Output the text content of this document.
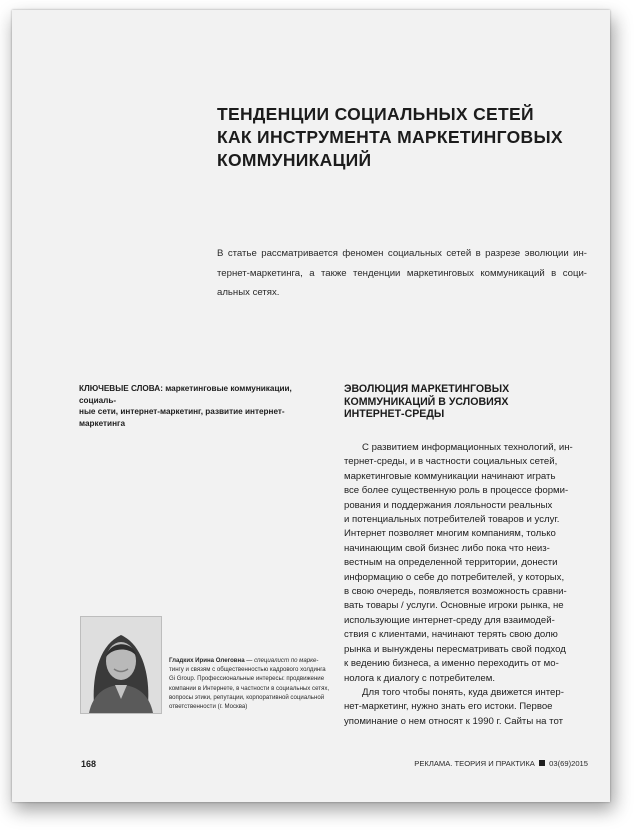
ТЕНДЕНЦИИ СОЦИАЛЬНЫХ СЕТЕЙ
КАК ИНСТРУМЕНТА МАРКЕТИНГОВЫХ
КОММУНИКАЦИЙ
В статье рассматривается феномен социальных сетей в разрезе эволюции ин-
тернет-маркетинга, а также тенденции маркетинговых коммуникаций в соци-
альных сетях.
КЛЮЧЕВЫЕ СЛОВА: маркетинговые коммуникации, социаль-
ные сети, интернет-маркетинг, развитие интернет-маркетинга
ЭВОЛЮЦИЯ МАРКЕТИНГОВЫХ
КОММУНИКАЦИЙ В УСЛОВИЯХ
ИНТЕРНЕТ-СРЕДЫ
С развитием информационных технологий, ин-
тернет-среды, и в частности социальных сетей,
маркетинговые коммуникации начинают играть
все более существенную роль в процессе форми-
рования и поддержания лояльности реальных
и потенциальных потребителей товаров и услуг.
Интернет позволяет многим компаниям, только
начинающим свой бизнес либо пока что неиз-
вестным на определенной территории, донести
информацию о себе до потребителей, у которых,
в свою очередь, появляется возможность сравни-
вать товары / услуги. Основные игроки рынка, не
использующие интернет-среду для взаимодей-
ствия с клиентами, начинают терять свою долю
рынка и вынуждены пересматривать свой подход
к ведению бизнеса, а именно переходить от мо-
нолога к диалогу с потребителем.
Для того чтобы понять, куда движется интер-
нет-маркетинг, нужно знать его истоки. Первое
упоминание о нем относят к 1990 г. Сайты на тот
Гладких Ирина Олеговна — специалист по марке-
тингу и связям с общественностью кадрового холдинга
Gi Group. Профессиональные интересы: продвижение
компании в Интернете, в частности в социальных сетях,
вопросы этики, репутации, корпоративной социальной
ответственности (г. Москва)
168	РЕКЛАМА. ТЕОРИЯ И ПРАКТИКА 03(69)2015
